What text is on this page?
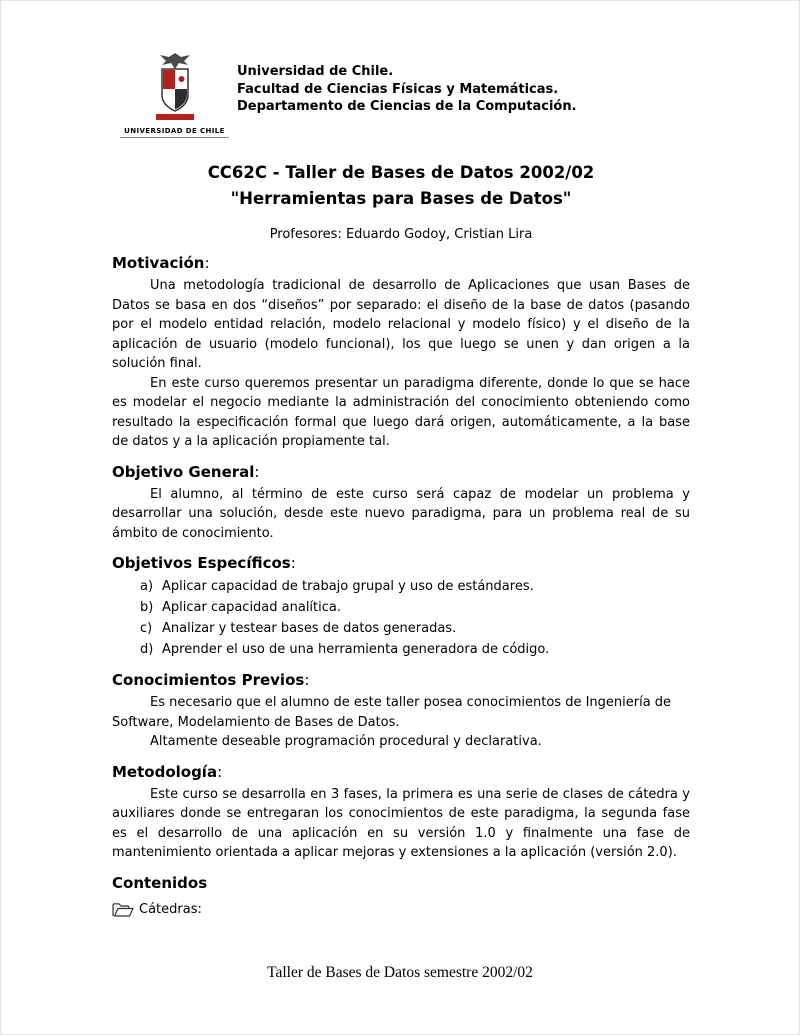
UNIVERSIDAD DE CHILE
Universidad de Chile.
Facultad de Ciencias Físicas y Matemáticas.
Departamento de Ciencias de la Computación.
CC62C - Taller de Bases de Datos 2002/02
"Herramientas para Bases de Datos"
Profesores: Eduardo Godoy, Cristian Lira
Motivación:

Una metodología tradicional de desarrollo de Aplicaciones que usan Bases de Datos se basa en dos “diseños” por separado: el diseño de la base de datos (pasando por el modelo entidad relación, modelo relacional y modelo físico) y el diseño de la aplicación de usuario (modelo funcional), los que luego se unen y dan origen a la solución final.

En este curso queremos presentar un paradigma diferente, donde lo que se hace es modelar el negocio mediante la administración del conocimiento obteniendo como resultado la especificación formal que luego dará origen, automáticamente, a la base de datos y a la aplicación propiamente tal.

Objetivo General:

El alumno, al término de este curso será capaz de modelar un problema y desarrollar una solución, desde este nuevo paradigma, para un problema real de su ámbito de conocimiento.

Objetivos Específicos:
a) Aplicar capacidad de trabajo grupal y uso de estándares.
b) Aplicar capacidad analítica.
c) Analizar y testear bases de datos generadas.
d) Aprender el uso de una herramienta generadora de código.
Conocimientos Previos:

Es necesario que el alumno de este taller posea conocimientos de Ingeniería de Software, Modelamiento de Bases de Datos.

Altamente deseable programación procedural y declarativa.

Metodología:

Este curso se desarrolla en 3 fases, la primera es una serie de clases de cátedra y auxiliares donde se entregaran los conocimientos de este paradigma, la segunda fase es el desarrollo de una aplicación en su versión 1.0 y finalmente una fase de mantenimiento orientada a aplicar mejoras y extensiones a la aplicación (versión 2.0).

Contenidos
Cátedras:
Taller de Bases de Datos semestre 2002/02
